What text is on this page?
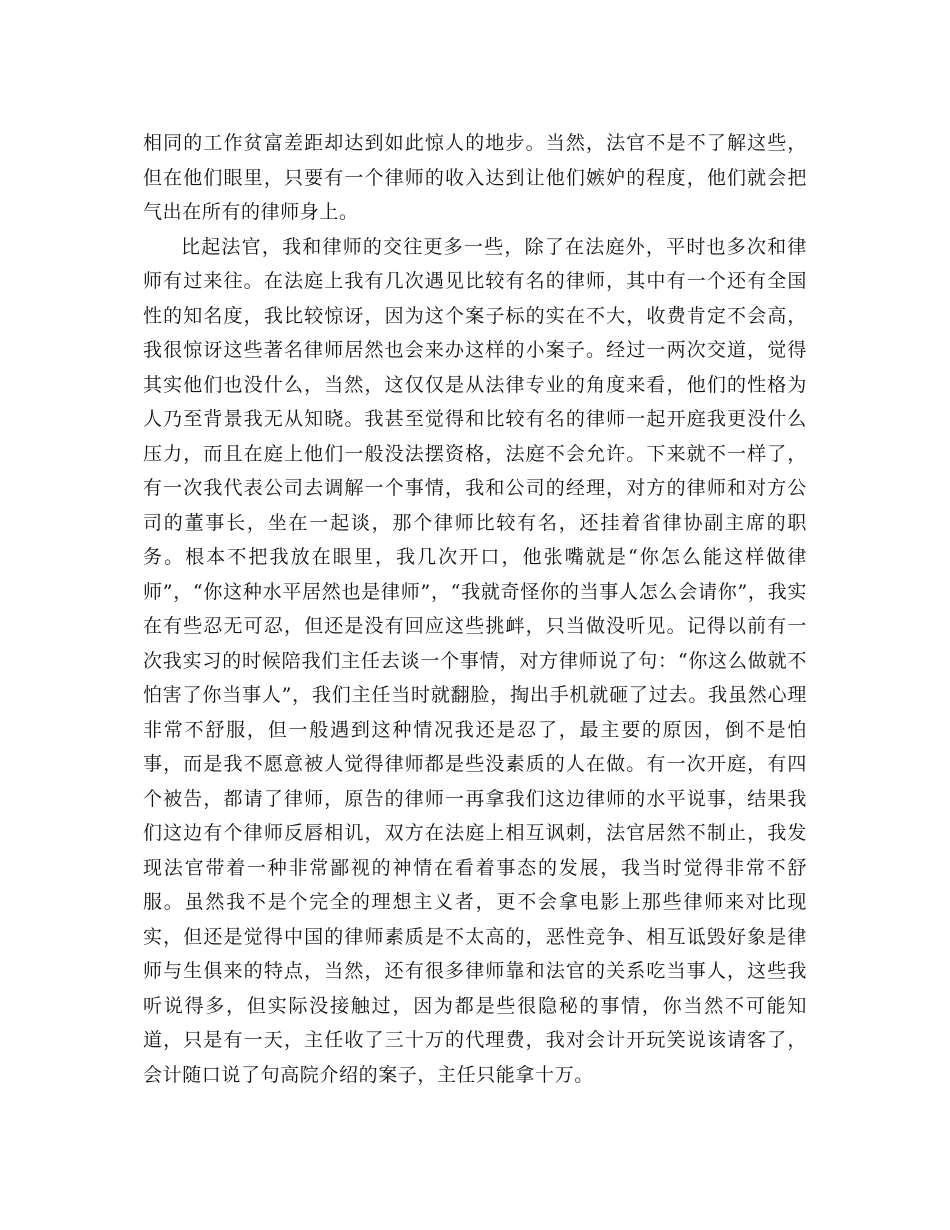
相同的工作贫富差距却达到如此惊人的地步。当然，法官不是不了解这些，但在他们眼里，只要有一个律师的收入达到让他们嫉妒的程度，他们就会把气出在所有的律师身上。

比起法官，我和律师的交往更多一些，除了在法庭外，平时也多次和律师有过来往。在法庭上我有几次遇见比较有名的律师，其中有一个还有全国性的知名度，我比较惊讶，因为这个案子标的实在不大，收费肯定不会高，我很惊讶这些著名律师居然也会来办这样的小案子。经过一两次交道，觉得其实他们也没什么，当然，这仅仅是从法律专业的角度来看，他们的性格为人乃至背景我无从知晓。我甚至觉得和比较有名的律师一起开庭我更没什么压力，而且在庭上他们一般没法摆资格，法庭不会允许。下来就不一样了，有一次我代表公司去调解一个事情，我和公司的经理，对方的律师和对方公司的董事长，坐在一起谈，那个律师比较有名，还挂着省律协副主席的职务。根本不把我放在眼里，我几次开口，他张嘴就是“你怎么能这样做律师”，“你这种水平居然也是律师”，“我就奇怪你的当事人怎么会请你”，我实在有些忍无可忍，但还是没有回应这些挑衅，只当做没听见。记得以前有一次我实习的时候陪我们主任去谈一个事情，对方律师说了句：“你这么做就不怕害了你当事人”，我们主任当时就翻脸，掏出手机就砸了过去。我虽然心理非常不舒服，但一般遇到这种情况我还是忍了，最主要的原因，倒不是怕事，而是我不愿意被人觉得律师都是些没素质的人在做。有一次开庭，有四个被告，都请了律师，原告的律师一再拿我们这边律师的水平说事，结果我们这边有个律师反唇相讥，双方在法庭上相互讽刺，法官居然不制止，我发现法官带着一种非常鄙视的神情在看着事态的发展，我当时觉得非常不舒服。虽然我不是个完全的理想主义者，更不会拿电影上那些律师来对比现实，但还是觉得中国的律师素质是不太高的，恶性竞争、相互诋毁好象是律师与生俱来的特点，当然，还有很多律师靠和法官的关系吃当事人，这些我听说得多，但实际没接触过，因为都是些很隐秘的事情，你当然不可能知道，只是有一天，主任收了三十万的代理费，我对会计开玩笑说该请客了，会计随口说了句高院介绍的案子，主任只能拿十万。
